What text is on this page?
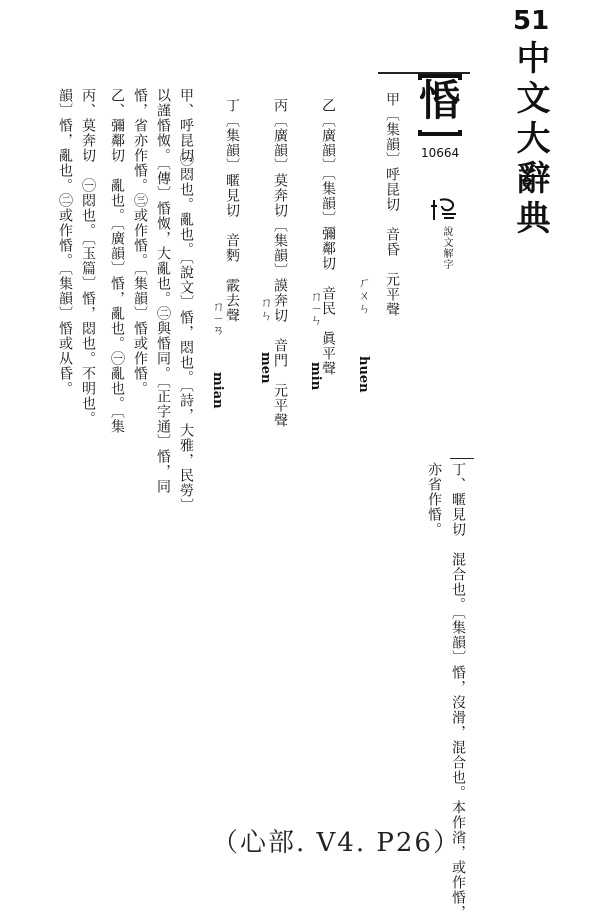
51
中文大辭典
惛
10664
說文解字
甲〔集韻〕呼昆切　音昏　元平聲
乙〔廣韻〕〔集韻〕彌鄰切　音民　眞平聲
丙〔廣韻〕莫奔切〔集韻〕謨奔切　音門　元平聲
丁〔集韻〕暱見切　音麪　霰去聲	ㄏㄨㄣ
ㄇㄧㄣ
ㄇㄣ
ㄇㄧㄢ
huen
min
men
mian
甲、呼昆切
㊀悶也。亂也。〔說文〕惛，悶也。〔詩，大雅，民勞〕
以謹惛怓。〔傳〕惛怓，大亂也。㊁與惛同。〔正字通〕惛，同
惛，省亦作惛。㊂或作惛。〔集韻〕惛或作惛。
乙、彌鄰切　亂也。〔廣韻〕惛，亂也。㊀亂也。〔集
丙、莫奔切　㊀悶也。〔玉篇〕惛，悶也。不明也。
韻〕惛，亂也。㊁或作惛。〔集韻〕惛或从昏。
丁、暱見切　混合也。〔集韻〕惛，沒滑，混合也。本作渻，或作惛，
亦省作惛。
（心部. V4. P26）
